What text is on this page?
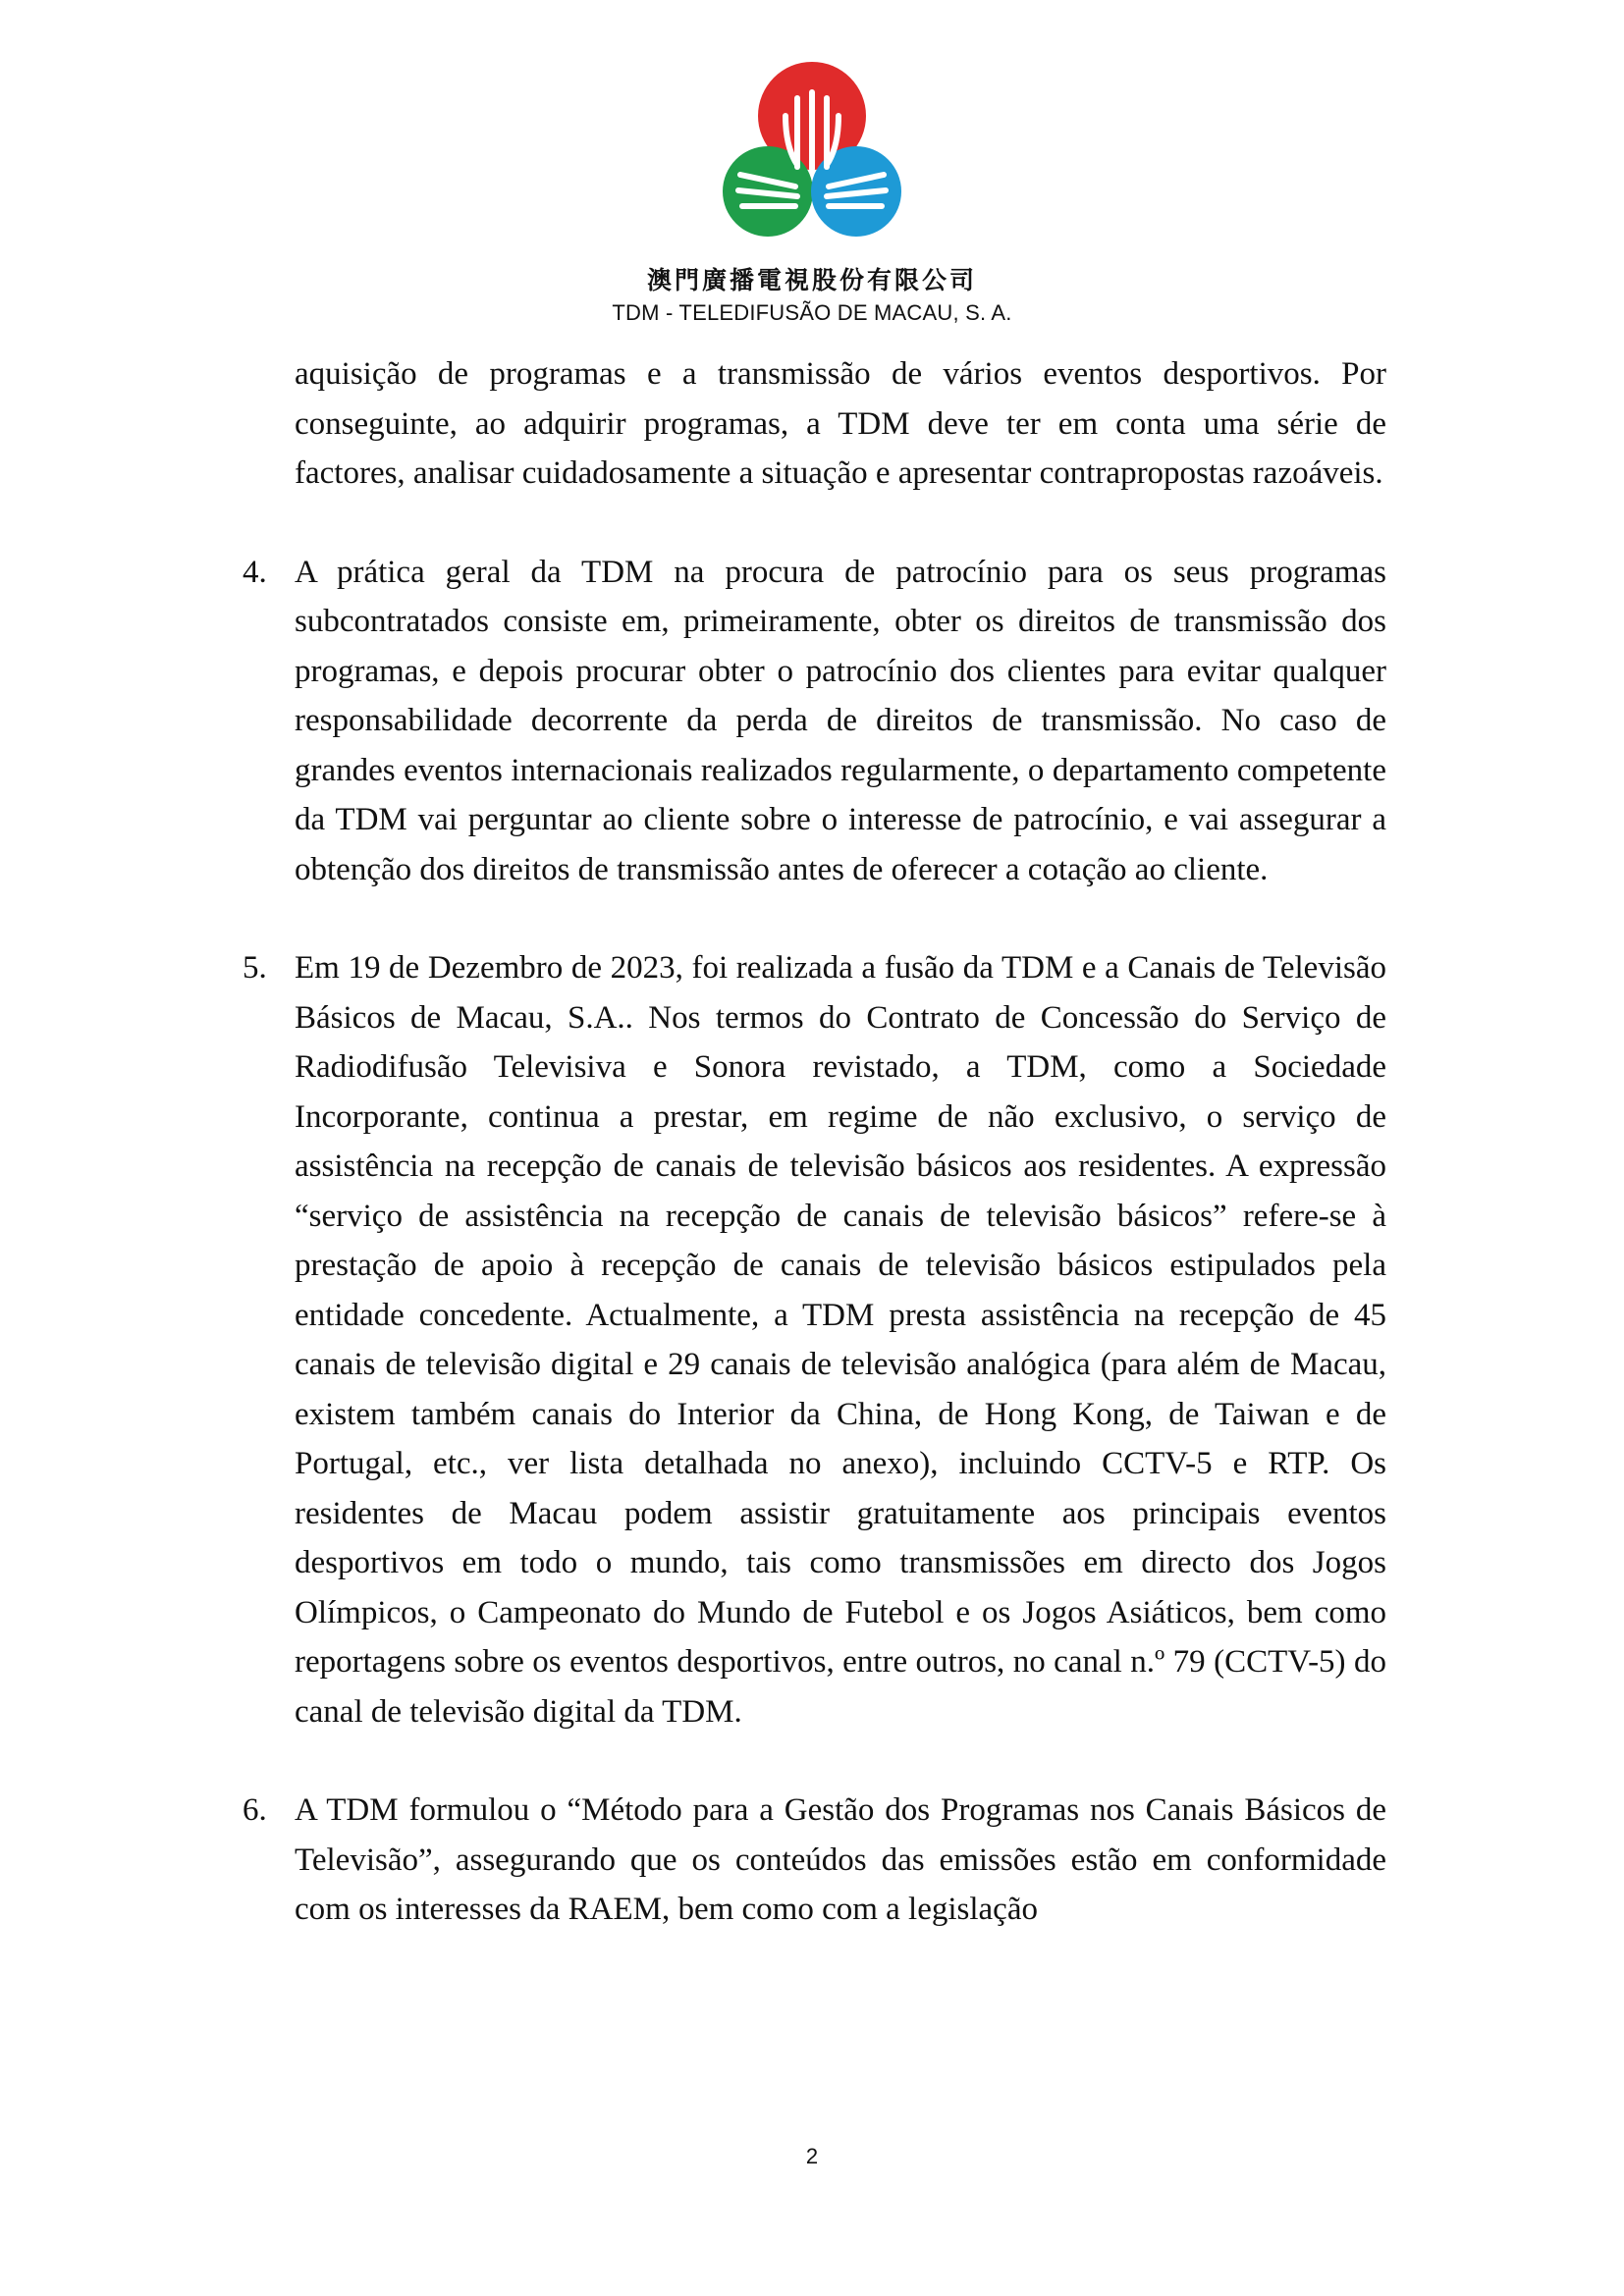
澳門廣播電視股份有限公司
TDM - TELEDIFUSÃO DE MACAU, S. A.

aquisição de programas e a transmissão de vários eventos desportivos. Por conseguinte, ao adquirir programas, a TDM deve ter em conta uma série de factores, analisar cuidadosamente a situação e apresentar contrapropostas razoáveis.

4. A prática geral da TDM na procura de patrocínio para os seus programas subcontratados consiste em, primeiramente, obter os direitos de transmissão dos programas, e depois procurar obter o patrocínio dos clientes para evitar qualquer responsabilidade decorrente da perda de direitos de transmissão. No caso de grandes eventos internacionais realizados regularmente, o departamento competente da TDM vai perguntar ao cliente sobre o interesse de patrocínio, e vai assegurar a obtenção dos direitos de transmissão antes de oferecer a cotação ao cliente.

5. Em 19 de Dezembro de 2023, foi realizada a fusão da TDM e a Canais de Televisão Básicos de Macau, S.A.. Nos termos do Contrato de Concessão do Serviço de Radiodifusão Televisiva e Sonora revistado, a TDM, como a Sociedade Incorporante, continua a prestar, em regime de não exclusivo, o serviço de assistência na recepção de canais de televisão básicos aos residentes. A expressão “serviço de assistência na recepção de canais de televisão básicos” refere-se à prestação de apoio à recepção de canais de televisão básicos estipulados pela entidade concedente. Actualmente, a TDM presta assistência na recepção de 45 canais de televisão digital e 29 canais de televisão analógica (para além de Macau, existem também canais do Interior da China, de Hong Kong, de Taiwan e de Portugal, etc., ver lista detalhada no anexo), incluindo CCTV-5 e RTP. Os residentes de Macau podem assistir gratuitamente aos principais eventos desportivos em todo o mundo, tais como transmissões em directo dos Jogos Olímpicos, o Campeonato do Mundo de Futebol e os Jogos Asiáticos, bem como reportagens sobre os eventos desportivos, entre outros, no canal n.º 79 (CCTV-5) do canal de televisão digital da TDM.

6. A TDM formulou o “Método para a Gestão dos Programas nos Canais Básicos de Televisão”, assegurando que os conteúdos das emissões estão em conformidade com os interesses da RAEM, bem como com a legislação

2
